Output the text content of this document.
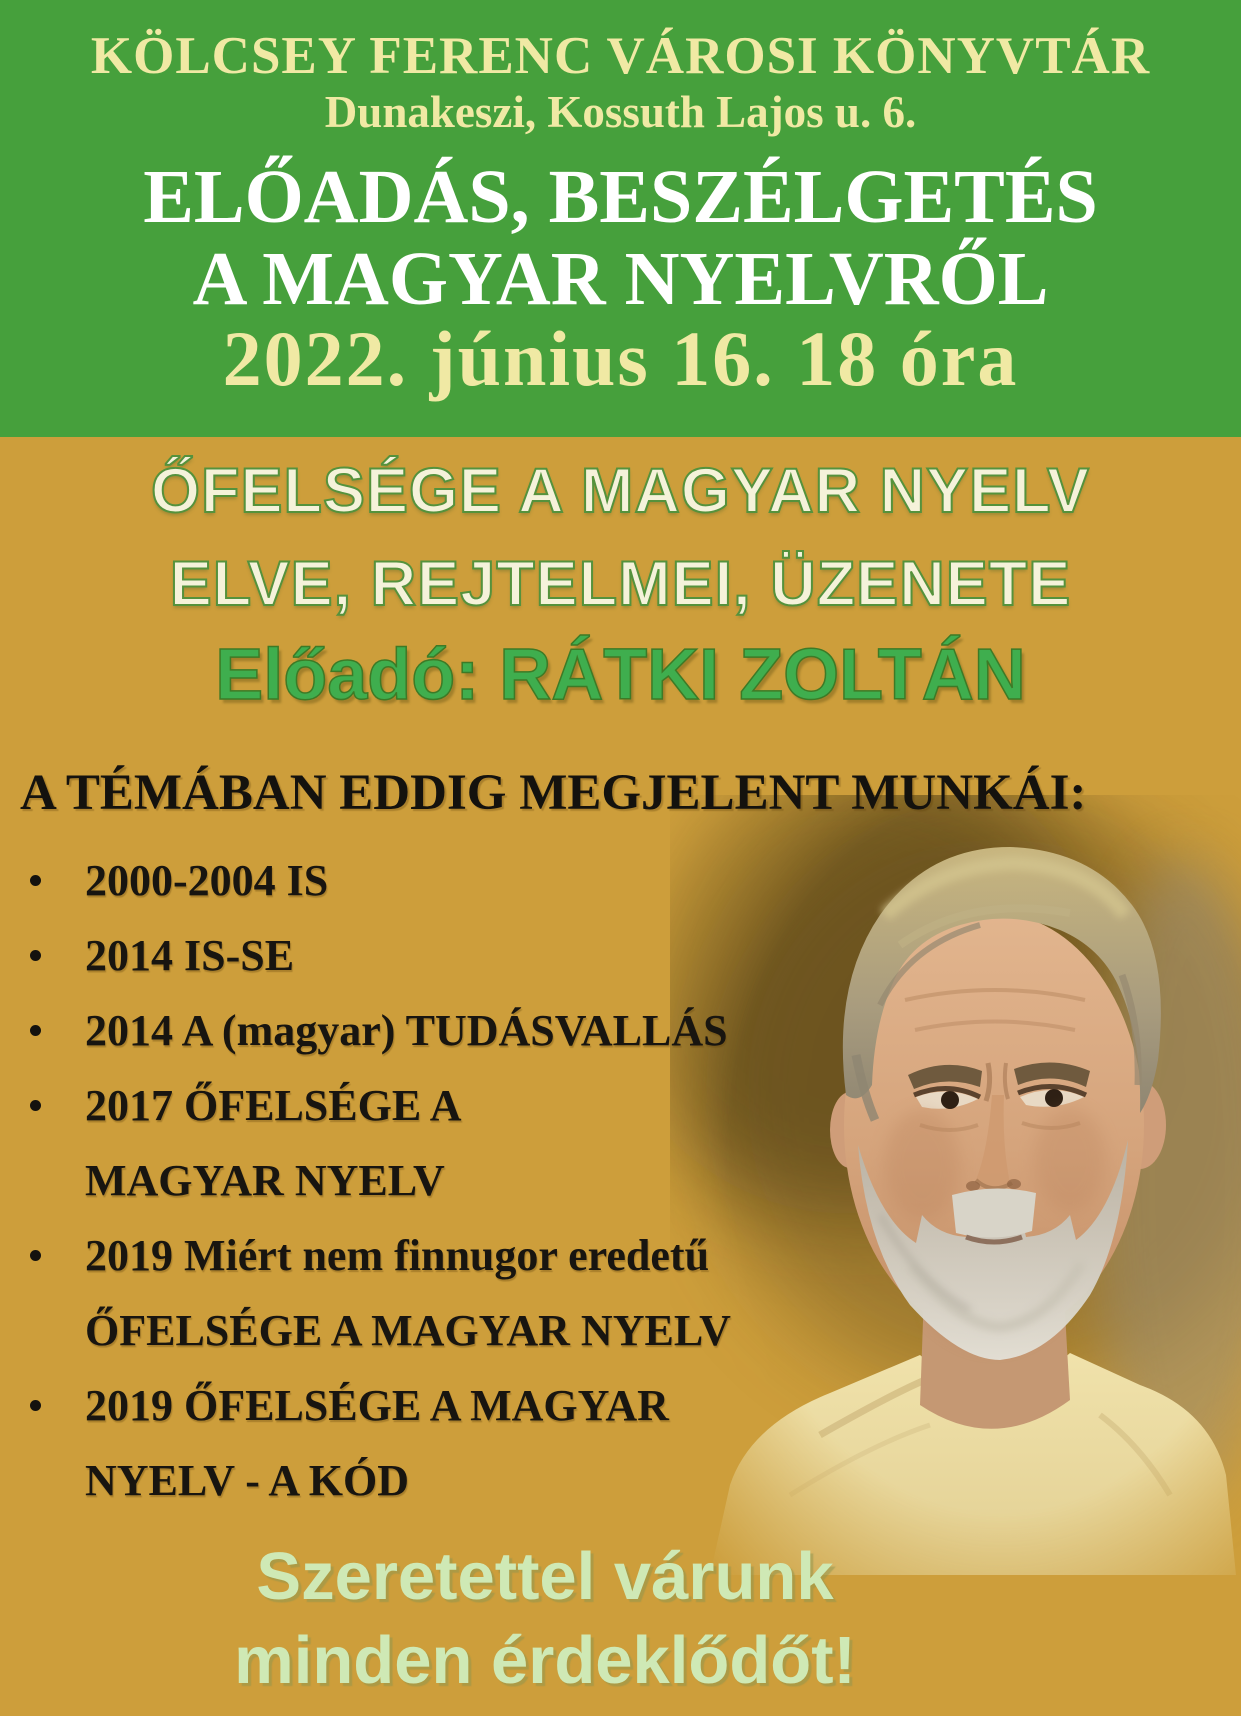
KÖLCSEY FERENC VÁROSI KÖNYVTÁR
Dunakeszi, Kossuth Lajos u. 6.
ELŐADÁS, BESZÉLGETÉS
A MAGYAR NYELVRŐL
2022. június 16. 18 óra
ŐFELSÉGE A MAGYAR NYELV
ELVE, REJTELMEI, ÜZENETE
Előadó: RÁTKI ZOLTÁN
A TÉMÁBAN EDDIG MEGJELENT MUNKÁI:
2000-2004 IS
2014 IS-SE
2014 A (magyar) TUDÁSVALLÁS
2017 ŐFELSÉGE A
MAGYAR NYELV
2019 Miért nem finnugor eredetű
ŐFELSÉGE A MAGYAR NYELV
2019 ŐFELSÉGE A MAGYAR
NYELV - A KÓD
Szeretettel várunk
minden érdeklődőt!
